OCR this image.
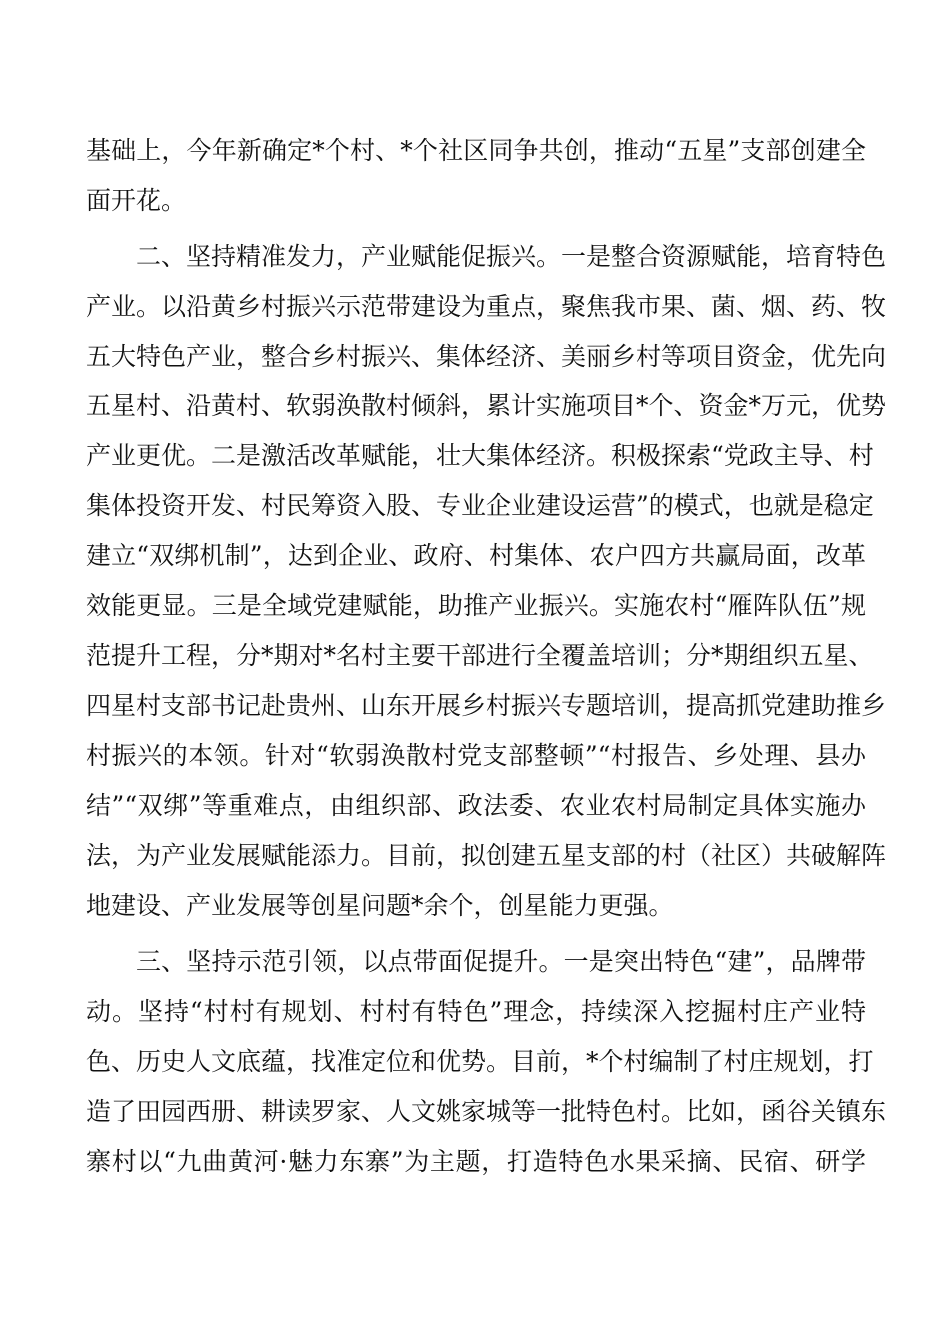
基础上，今年新确定*个村、*个社区同争共创，推动“五星”支部创建全
面开花。
二、坚持精准发力，产业赋能促振兴。一是整合资源赋能，培育特色
产业。以沿黄乡村振兴示范带建设为重点，聚焦我市果、菌、烟、药、牧
五大特色产业，整合乡村振兴、集体经济、美丽乡村等项目资金，优先向
五星村、沿黄村、软弱涣散村倾斜，累计实施项目*个、资金*万元，优势
产业更优。二是激活改革赋能，壮大集体经济。积极探索“党政主导、村
集体投资开发、村民筹资入股、专业企业建设运营”的模式，也就是稳定
建立“双绑机制”，达到企业、政府、村集体、农户四方共赢局面，改革
效能更显。三是全域党建赋能，助推产业振兴。实施农村“雁阵队伍”规
范提升工程，分*期对*名村主要干部进行全覆盖培训；分*期组织五星、
四星村支部书记赴贵州、山东开展乡村振兴专题培训，提高抓党建助推乡
村振兴的本领。针对“软弱涣散村党支部整顿”“村报告、乡处理、县办
结”“双绑”等重难点，由组织部、政法委、农业农村局制定具体实施办
法，为产业发展赋能添力。目前，拟创建五星支部的村（社区）共破解阵
地建设、产业发展等创星问题*余个，创星能力更强。
三、坚持示范引领，以点带面促提升。一是突出特色“建”，品牌带
动。坚持“村村有规划、村村有特色”理念，持续深入挖掘村庄产业特
色、历史人文底蕴，找准定位和优势。目前，*个村编制了村庄规划，打
造了田园西册、耕读罗家、人文姚家城等一批特色村。比如，函谷关镇东
寨村以“九曲黄河·魅力东寨”为主题，打造特色水果采摘、民宿、研学
